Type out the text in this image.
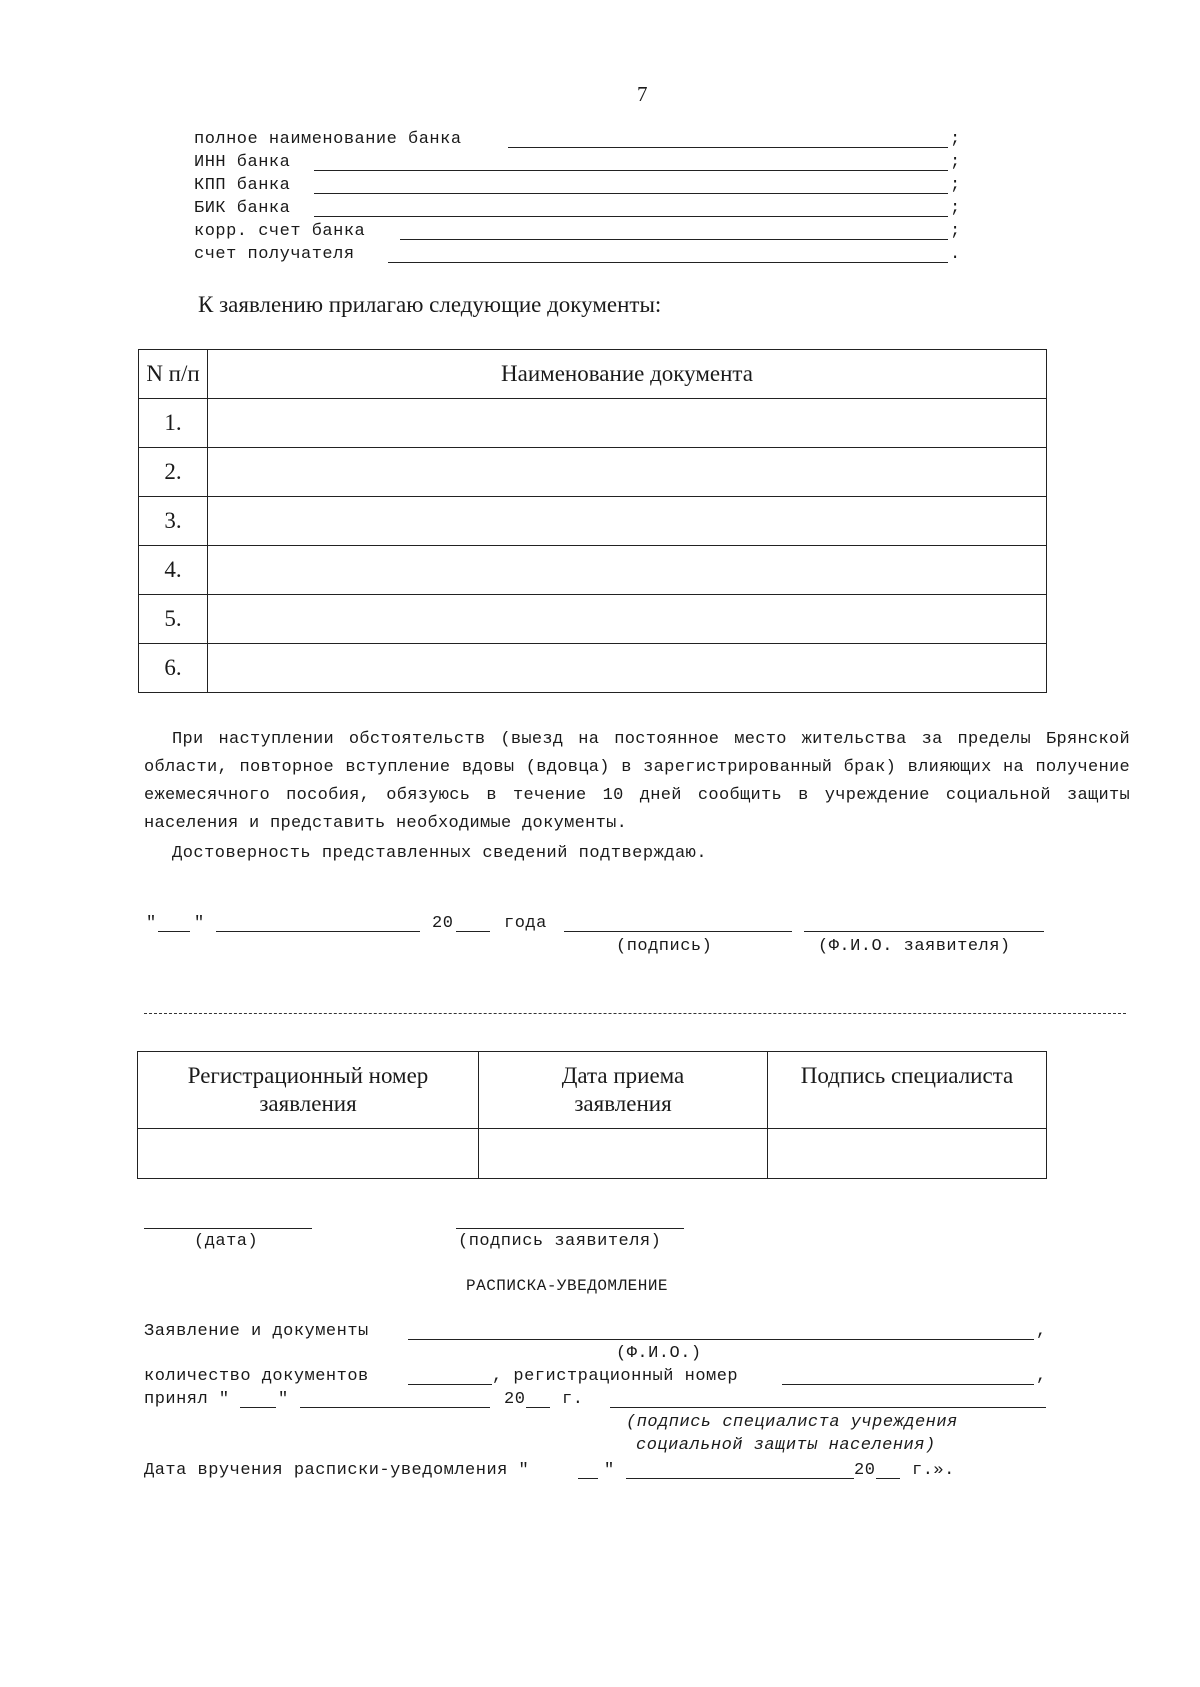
7
полное наименование банка	;
ИНН банка	;
КПП банка	;
БИК банка	;
корр. счет банка	;
счет получателя	.
К заявлению прилагаю следующие документы:
N п/п	Наименование документа
1.	
2.	
3.	
4.	
5.	
6.	
При наступлении обстоятельств (выезд на постоянное место жительства за пределы Брянской области, повторное вступление вдовы (вдовца) в зарегистрированный брак) влияющих на получение ежемесячного пособия, обязуюсь в течение 10 дней сообщить в учреждение социальной защиты населения и представить необходимые документы.
Достоверность представленных сведений подтверждаю.
" "	20	года
(подпись)	(Ф.И.О. заявителя)
Регистрационный номер заявления	Дата приема заявления	Подпись специалиста

(дата)	(подпись заявителя)
РАСПИСКА-УВЕДОМЛЕНИЕ
Заявление и документы	,
(Ф.И.О.)
количество документов	, регистрационный номер	,
принял "	"	20 г.
(подпись специалиста учреждения
социальной защиты населения)
Дата вручения расписки-уведомления "	"	20 г.».
